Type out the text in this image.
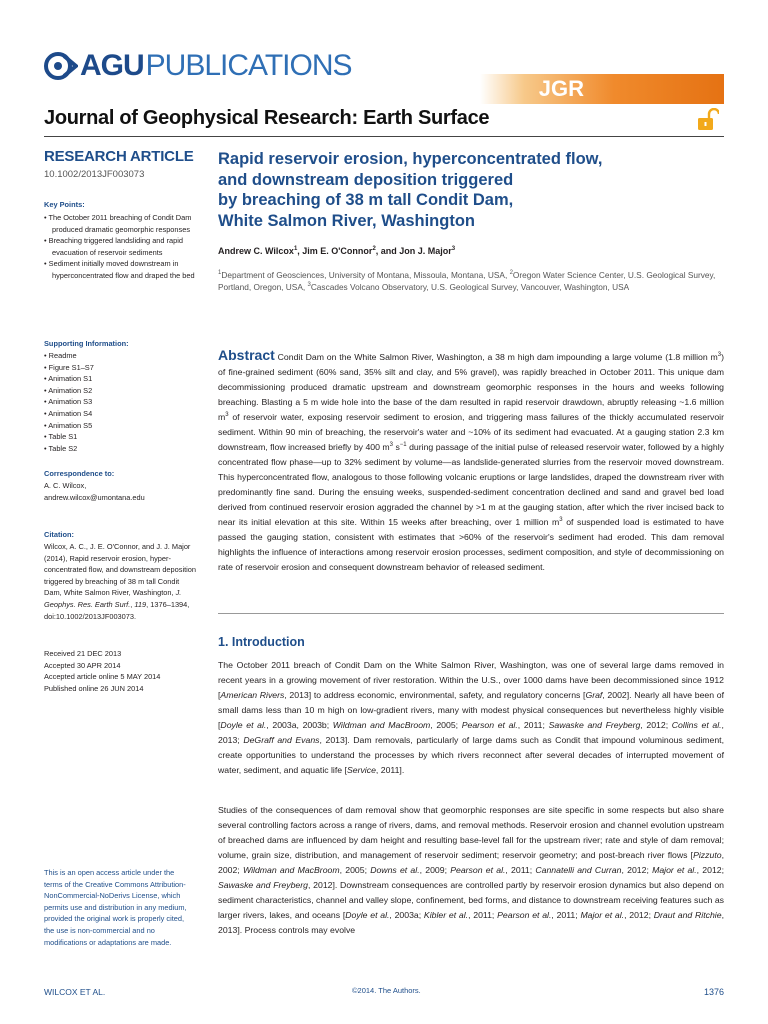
AGU PUBLICATIONS
JGR
Journal of Geophysical Research: Earth Surface
RESEARCH ARTICLE
10.1002/2013JF003073
Key Points:
• The October 2011 breaching of Condit Dam produced dramatic geomorphic responses
• Breaching triggered landsliding and rapid evacuation of reservoir sediments
• Sediment initially moved downstream in hyperconcentrated flow and draped the bed
Supporting Information:
• Readme
• Figure S1–S7
• Animation S1
• Animation S2
• Animation S3
• Animation S4
• Animation S5
• Table S1
• Table S2
Correspondence to:
A. C. Wilcox,
andrew.wilcox@umontana.edu
Citation:
Wilcox, A. C., J. E. O'Connor, and J. J. Major (2014), Rapid reservoir erosion, hyper-concentrated flow, and downstream deposition triggered by breaching of 38 m tall Condit Dam, White Salmon River, Washington, J. Geophys. Res. Earth Surf., 119, 1376–1394, doi:10.1002/2013JF003073.
Received 21 DEC 2013
Accepted 30 APR 2014
Accepted article online 5 MAY 2014
Published online 26 JUN 2014
This is an open access article under the terms of the Creative Commons Attribution-NonCommercial-NoDerivs License, which permits use and distribution in any medium, provided the original work is properly cited, the use is non-commercial and no modifications or adaptations are made.
Rapid reservoir erosion, hyperconcentrated flow,
and downstream deposition triggered
by breaching of 38 m tall Condit Dam,
White Salmon River, Washington
Andrew C. Wilcox$^1$, Jim E. O'Connor$^2$, and Jon J. Major$^3$
$^1$Department of Geosciences, University of Montana, Missoula, Montana, USA, $^2$Oregon Water Science Center, U.S. Geological Survey, Portland, Oregon, USA, $^3$Cascades Volcano Observatory, U.S. Geological Survey, Vancouver, Washington, USA
Abstract Condit Dam on the White Salmon River, Washington, a 38 m high dam impounding a large volume (1.8 million $m^3$) of fine-grained sediment (60% sand, 35% silt and clay, and 5% gravel), was rapidly breached in October 2011. This unique dam decommissioning produced dramatic upstream and downstream geomorphic responses in the hours and weeks following breaching. Blasting a 5 m wide hole into the base of the dam resulted in rapid reservoir drawdown, abruptly releasing ~1.6 million $m^3$ of reservoir water, exposing reservoir sediment to erosion, and triggering mass failures of the thickly accumulated reservoir sediment. Within 90 min of breaching, the reservoir's water and ~10% of its sediment had evacuated. At a gauging station 2.3 km downstream, flow increased briefly by 400 $m^3$ $s^{-1}$ during passage of the initial pulse of released reservoir water, followed by a highly concentrated flow phase—up to 32% sediment by volume—as landslide-generated slurries from the reservoir moved downstream. This hyperconcentrated flow, analogous to those following volcanic eruptions or large landslides, draped the downstream river with predominantly fine sand. During the ensuing weeks, suspended-sediment concentration declined and sand and gravel bed load derived from continued reservoir erosion aggraded the channel by >1 m at the gauging station, after which the river incised back to near its initial elevation at this site. Within 15 weeks after breaching, over 1 million $m^3$ of suspended load is estimated to have passed the gauging station, consistent with estimates that >60% of the reservoir's sediment had eroded. This dam removal highlights the influence of interactions among reservoir erosion processes, sediment composition, and style of decommissioning on rate of reservoir erosion and consequent downstream behavior of released sediment.
1. Introduction
The October 2011 breach of Condit Dam on the White Salmon River, Washington, was one of several large dams removed in recent years in a growing movement of river restoration. Within the U.S., over 1000 dams have been decommissioned since 1912 [American Rivers, 2013] to address economic, environmental, safety, and regulatory concerns [Graf, 2002]. Nearly all have been of small dams less than 10 m high on low-gradient rivers, many with modest physical consequences but nevertheless highly visible [Doyle et al., 2003a, 2003b; Wildman and MacBroom, 2005; Pearson et al., 2011; Sawaske and Freyberg, 2012; Collins et al., 2013; DeGraff and Evans, 2013]. Dam removals, particularly of large dams such as Condit that impound voluminous sediment, create opportunities to understand the processes by which rivers reconnect after several decades of interrupted movement of water, sediment, and aquatic life [Service, 2011].
Studies of the consequences of dam removal show that geomorphic responses are site specific in some respects but also share several controlling factors across a range of rivers, dams, and removal methods. Reservoir erosion and channel evolution upstream of breached dams are influenced by dam height and resulting base-level fall for the upstream river; rate and style of dam removal; volume, grain size, distribution, and management of reservoir sediment; reservoir geometry; and post-breach river flows [Pizzuto, 2002; Wildman and MacBroom, 2005; Downs et al., 2009; Pearson et al., 2011; Cannatelli and Curran, 2012; Major et al., 2012; Sawaske and Freyberg, 2012]. Downstream consequences are controlled partly by reservoir erosion dynamics but also depend on sediment characteristics, channel and valley slope, confinement, bed forms, and distance to downstream receiving features such as larger rivers, lakes, and oceans [Doyle et al., 2003a; Kibler et al., 2011; Pearson et al., 2011; Major et al., 2012; Draut and Ritchie, 2013]. Process controls may evolve
WILCOX ET AL.	©2014. The Authors.	1376
